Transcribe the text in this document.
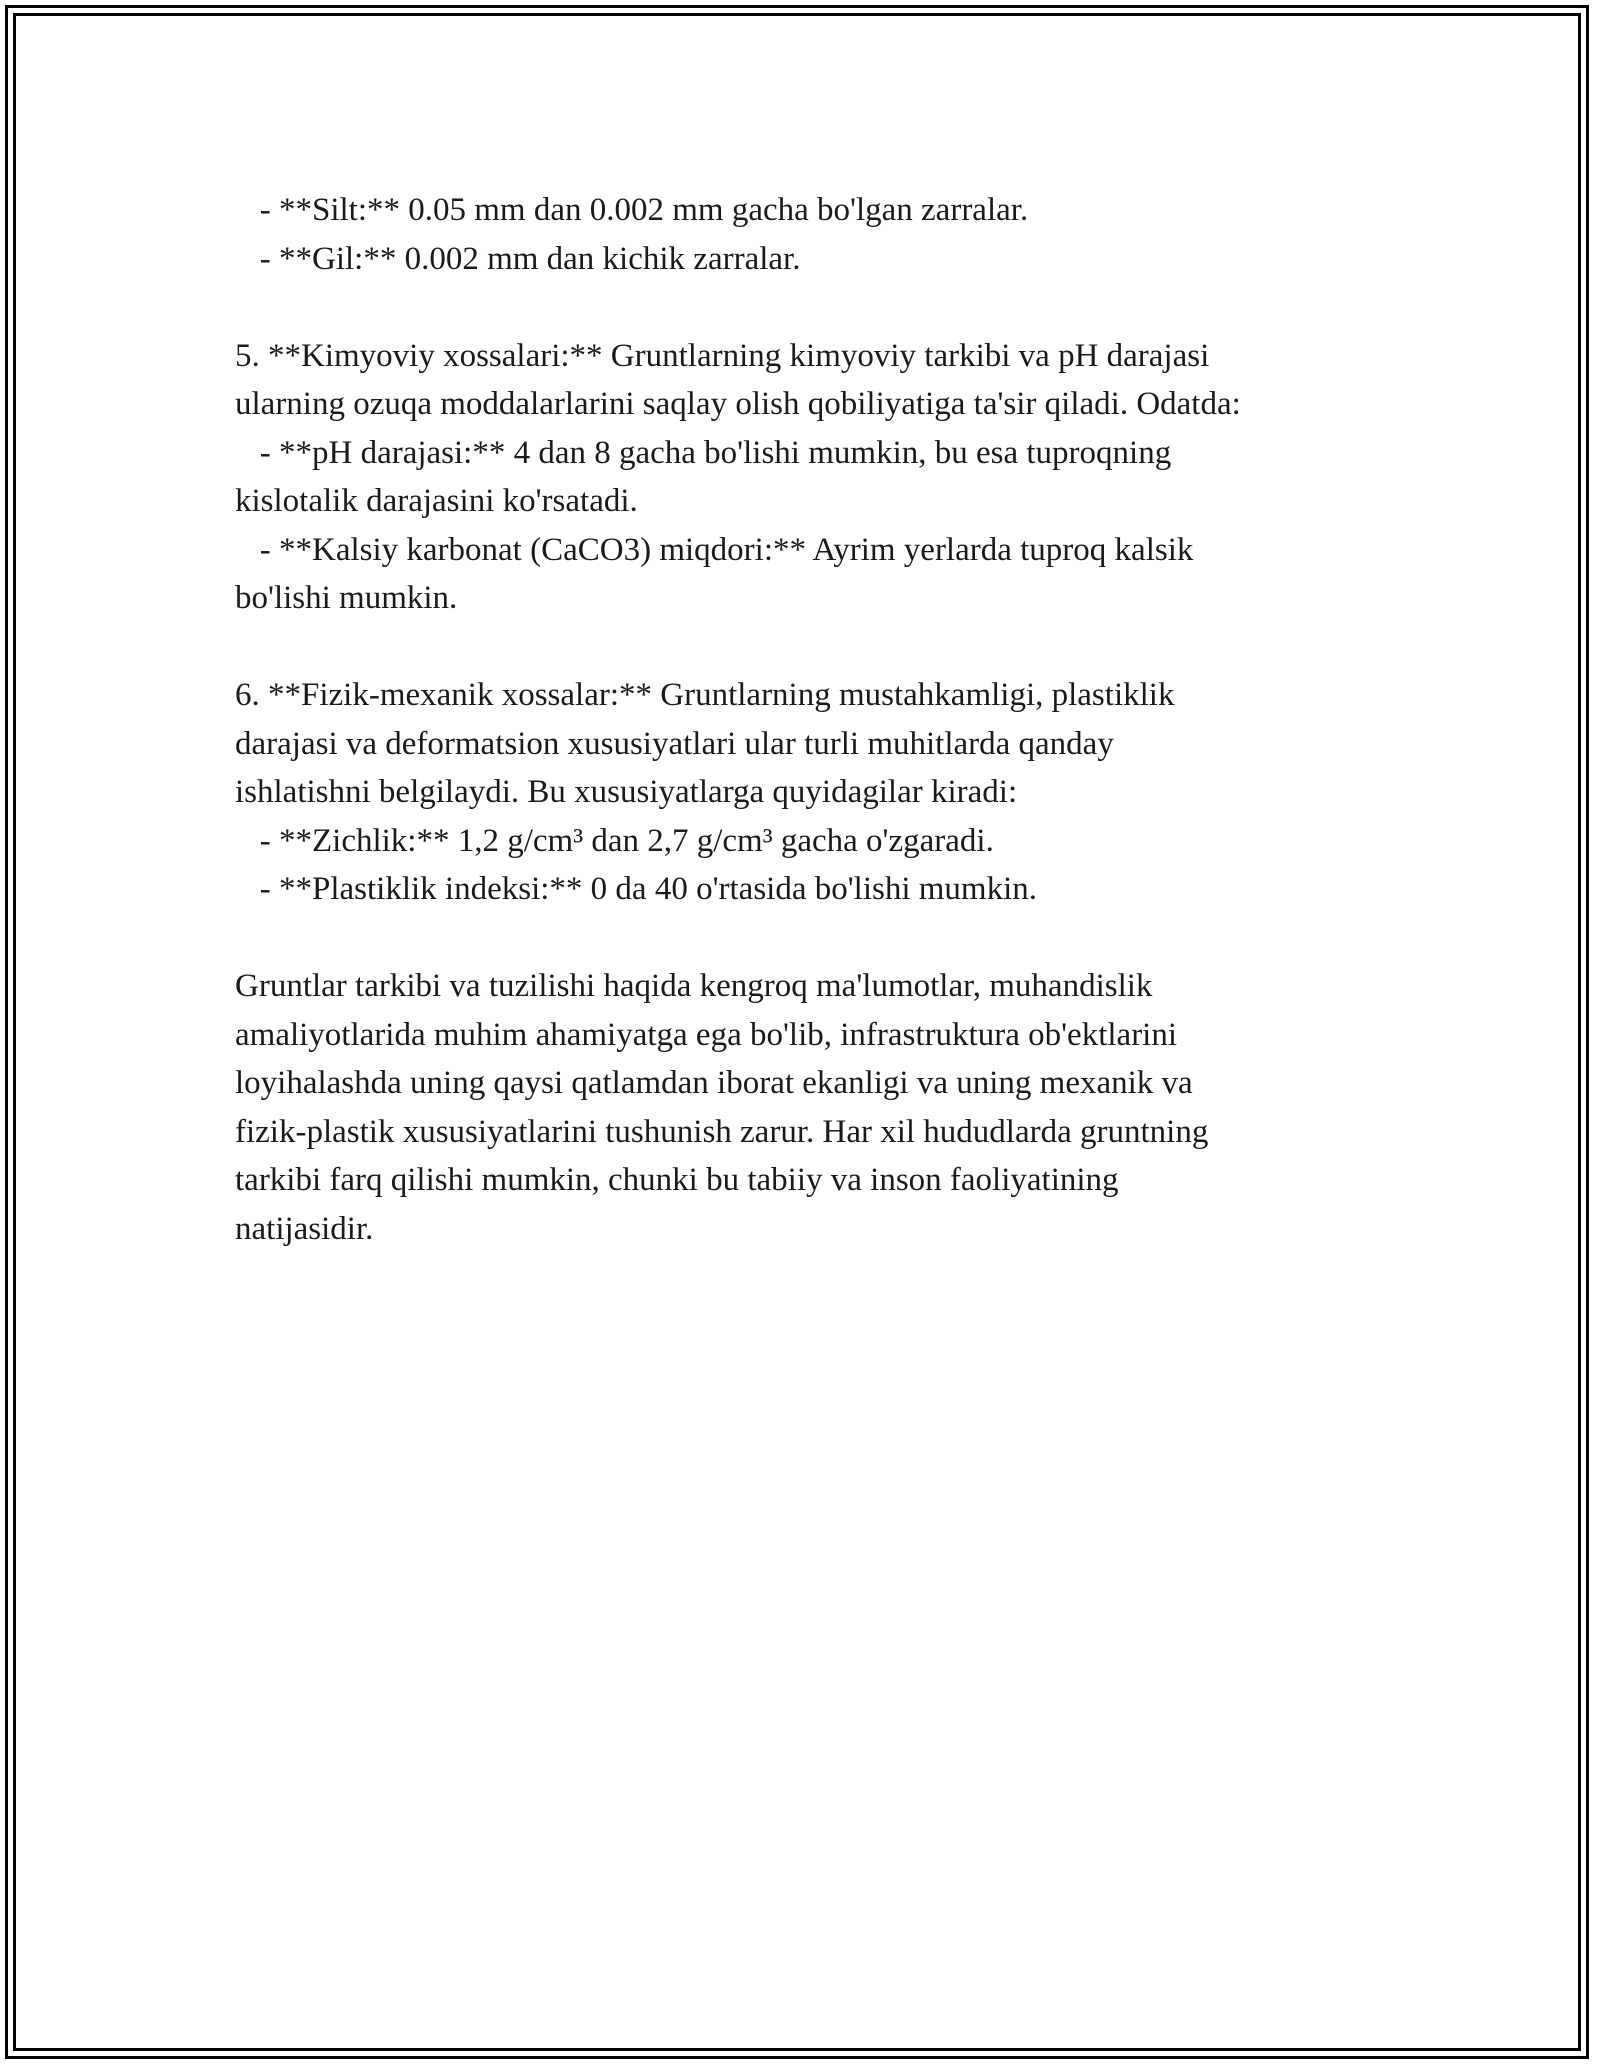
- **Silt:** 0.05 mm dan 0.002 mm gacha bo'lgan zarralar.
- **Gil:** 0.002 mm dan kichik zarralar.
5. **Kimyoviy xossalari:** Gruntlarning kimyoviy tarkibi va pH darajasi
ularning ozuqa moddalarlarini saqlay olish qobiliyatiga ta'sir qiladi. Odatda:
- **pH darajasi:** 4 dan 8 gacha bo'lishi mumkin, bu esa tuproqning
kislotalik darajasini ko'rsatadi.
- **Kalsiy karbonat (CaCO3) miqdori:** Ayrim yerlarda tuproq kalsik
bo'lishi mumkin.
6. **Fizik-mexanik xossalar:** Gruntlarning mustahkamligi, plastiklik
darajasi va deformatsion xususiyatlari ular turli muhitlarda qanday
ishlatishni belgilaydi. Bu xususiyatlarga quyidagilar kiradi:
- **Zichlik:** 1,2 g/cm³ dan 2,7 g/cm³ gacha o'zgaradi.
- **Plastiklik indeksi:** 0 da 40 o'rtasida bo'lishi mumkin.
Gruntlar tarkibi va tuzilishi haqida kengroq ma'lumotlar, muhandislik
amaliyotlarida muhim ahamiyatga ega bo'lib, infrastruktura ob'ektlarini
loyihalashda uning qaysi qatlamdan iborat ekanligi va uning mexanik va
fizik-plastik xususiyatlarini tushunish zarur. Har xil hududlarda gruntning
tarkibi farq qilishi mumkin, chunki bu tabiiy va inson faoliyatining
natijasidir.
